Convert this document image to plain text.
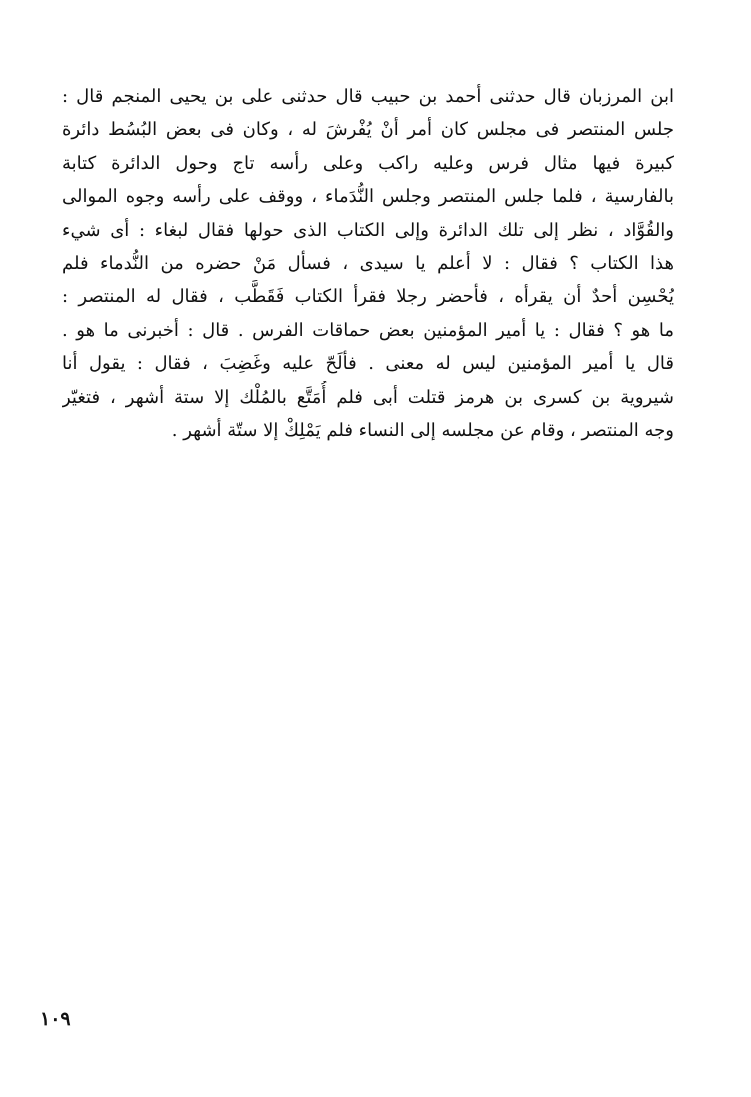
ابن المرزبان قال حدثنى أحمد بن حبيب قال حدثنى على بن يحيى المنجم قال :
جلس المنتصر فى مجلس كان أمر أنْ يُفْرشَ له ، وكان فى بعض البُسُط دائرة
كبيرة فيها مثال فرس وعليه راكب وعلى رأسه تاج وحول الدائرة كتابة
بالفارسية ، فلما جلس المنتصر وجلس النُّدَماء ، ووقف على رأسه وجوه الموالى
والقُوَّاد ، نظر إلى تلك الدائرة وإلى الكتاب الذى حولها فقال لبغاء : أى شيء
هذا الكتاب ؟ فقال : لا أعلم يا سيدى ، فسأل مَنْ حضره من النُّدماء فلم
يُحْسِن أحدٌ أن يقرأه ، فأحضر رجلا فقرأ الكتاب فَقَطَّب ، فقال له المنتصر :
ما هو ؟ فقال : يا أمير المؤمنين بعض حماقات الفرس . قال : أخبرنى ما هو .
قال يا أمير المؤمنين ليس له معنى . فألَحّ عليه وغَضِبَ ، فقال : يقول أنا
شيروية بن كسرى بن هرمز قتلت أبى فلم أُمَتَّع بالمُلْك إلا ستة أشهر ، فتغيّر
وجه المنتصر ، وقام عن مجلسه إلى النساء فلم يَمْلِكْ إلا ستّة أشهر .
١٠٩
